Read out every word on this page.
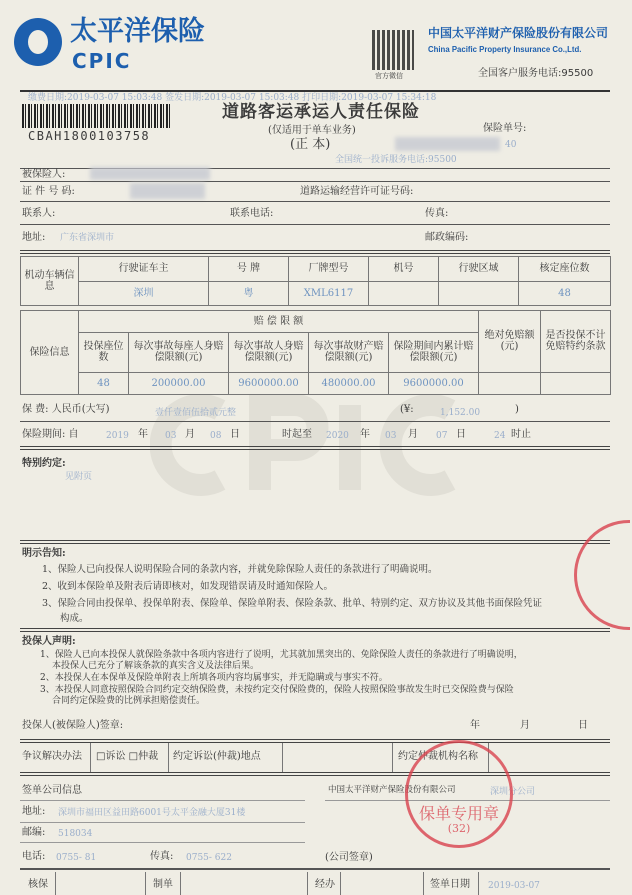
太平洋保险
CPIC
官方微信
中国太平洋财产保险股份有限公司
China Pacific Property Insurance Co.,Ltd.
全国客户服务电话:95500
缴费日期:2019-03-07 15:03:48 签发日期:2019-03-07 15:03:48 打印日期:2019-03-07 15:34:18
CBAH1800103758
道路客运承运人责任保险
(仅适用于单车业务)
(正 本)
保险单号:
40
全国统一投诉服务电话:95500
被保险人:
证 件 号 码:	道路运输经营许可证号码:
联系人:	联系电话:	传真:
地址: 广东省深圳市	邮政编码:
机动车辆信息	行驶证车主	号 牌	厂牌型号	机号	行驶区域	核定座位数
	深圳	粤	XML6117			48
保险信息	赔 偿 限 额					绝对免赔额(元)	是否投保不计免赔特约条款
	投保座位数	每次事故每座人身赔偿限额(元)	每次事故人身赔偿限额(元)	每次事故财产赔偿限额(元)	保险期间内累计赔偿限额(元)		
	48	200000.00	9600000.00	480000.00	9600000.00		
保 费: 人民币(大写)	壹仟壹佰伍拾贰元整	(¥:	1,152.00	)
保险期间: 自	2019 年 03 月 08 日	时起至 2020 年 03 月 07 日	24 时止
特别约定:
见附页
明示告知:
1、保险人已向投保人说明保险合同的条款内容，并就免除保险人责任的条款进行了明确说明。
2、收到本保险单及附表后请即核对，如发现错误请及时通知保险人。
3、保险合同由投保单、投保单附表、保险单、保险单附表、保险条款、批单、特别约定、双方协议及其他书面保险凭证
构成。
投保人声明:
1、保险人已向本投保人就保险条款中各项内容进行了说明，尤其就加黑突出的、免除保险人责任的条款进行了明确说明，
本投保人已充分了解该条款的真实含义及法律后果。
2、本投保人在本保单及保险单附表上所填各项内容均属事实，并无隐瞒或与事实不符。
3、本投保人同意按照保险合同约定交纳保险费，未按约定交付保险费的，保险人按照保险事故发生时已交保险费与保险
合同约定保险费的比例承担赔偿责任。
投保人(被保险人)签章:	年	月	日
争议解决办法 □诉讼 □仲裁 约定诉讼(仲裁)地点	约定仲裁机构名称
签单公司信息	中国太平洋财产保险股份有限公司	深圳分公司
地址: 深圳市福田区益田路6001号太平金融大厦31楼
邮编: 518034
电话: 0755- 81	传真: 0755- 622	(公司签章)
核保	制单	经办	签单日期 2019-03-07
保单专用章
(32)
